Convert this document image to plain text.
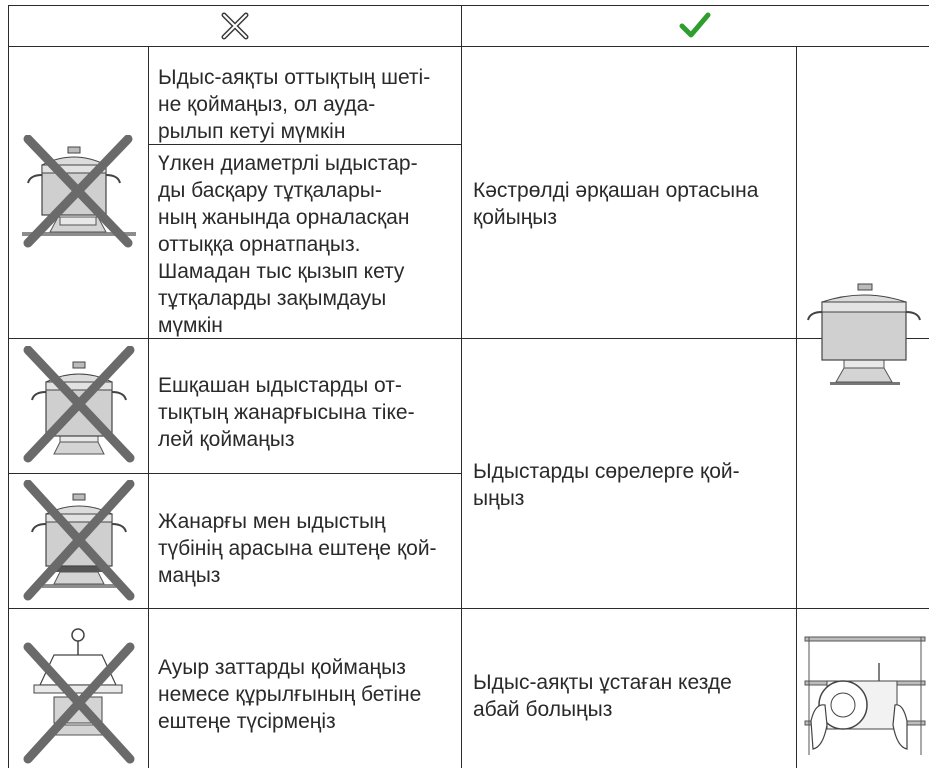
Ыдыс-аяқты оттықтың шеті-
не қоймаңыз, ол ауда-
рылып кетуі мүмкін

Үлкен диаметрлі ыдыстар-
ды басқару тұтқалары-
ның жанында орналасқан
оттыққа орнатпаңыз.
Шамадан тыс қызып кету
тұтқаларды зақымдауы
мүмкін

Ешқашан ыдыстарды от-
тықтың жанарғысына тіке-
лей қоймаңыз

Жанарғы мен ыдыстың
түбінің арасына ештеңе қой-
маңыз

Ауыр заттарды қоймаңыз
немесе құрылғының бетіне
ештеңе түсірмеңіз

Кәстрөлді әрқашан ортасына
қойыңыз

Ыдыстарды сөрелерге қой-
ыңыз

Ыдыс-аяқты ұстаған кезде
абай болыңыз
